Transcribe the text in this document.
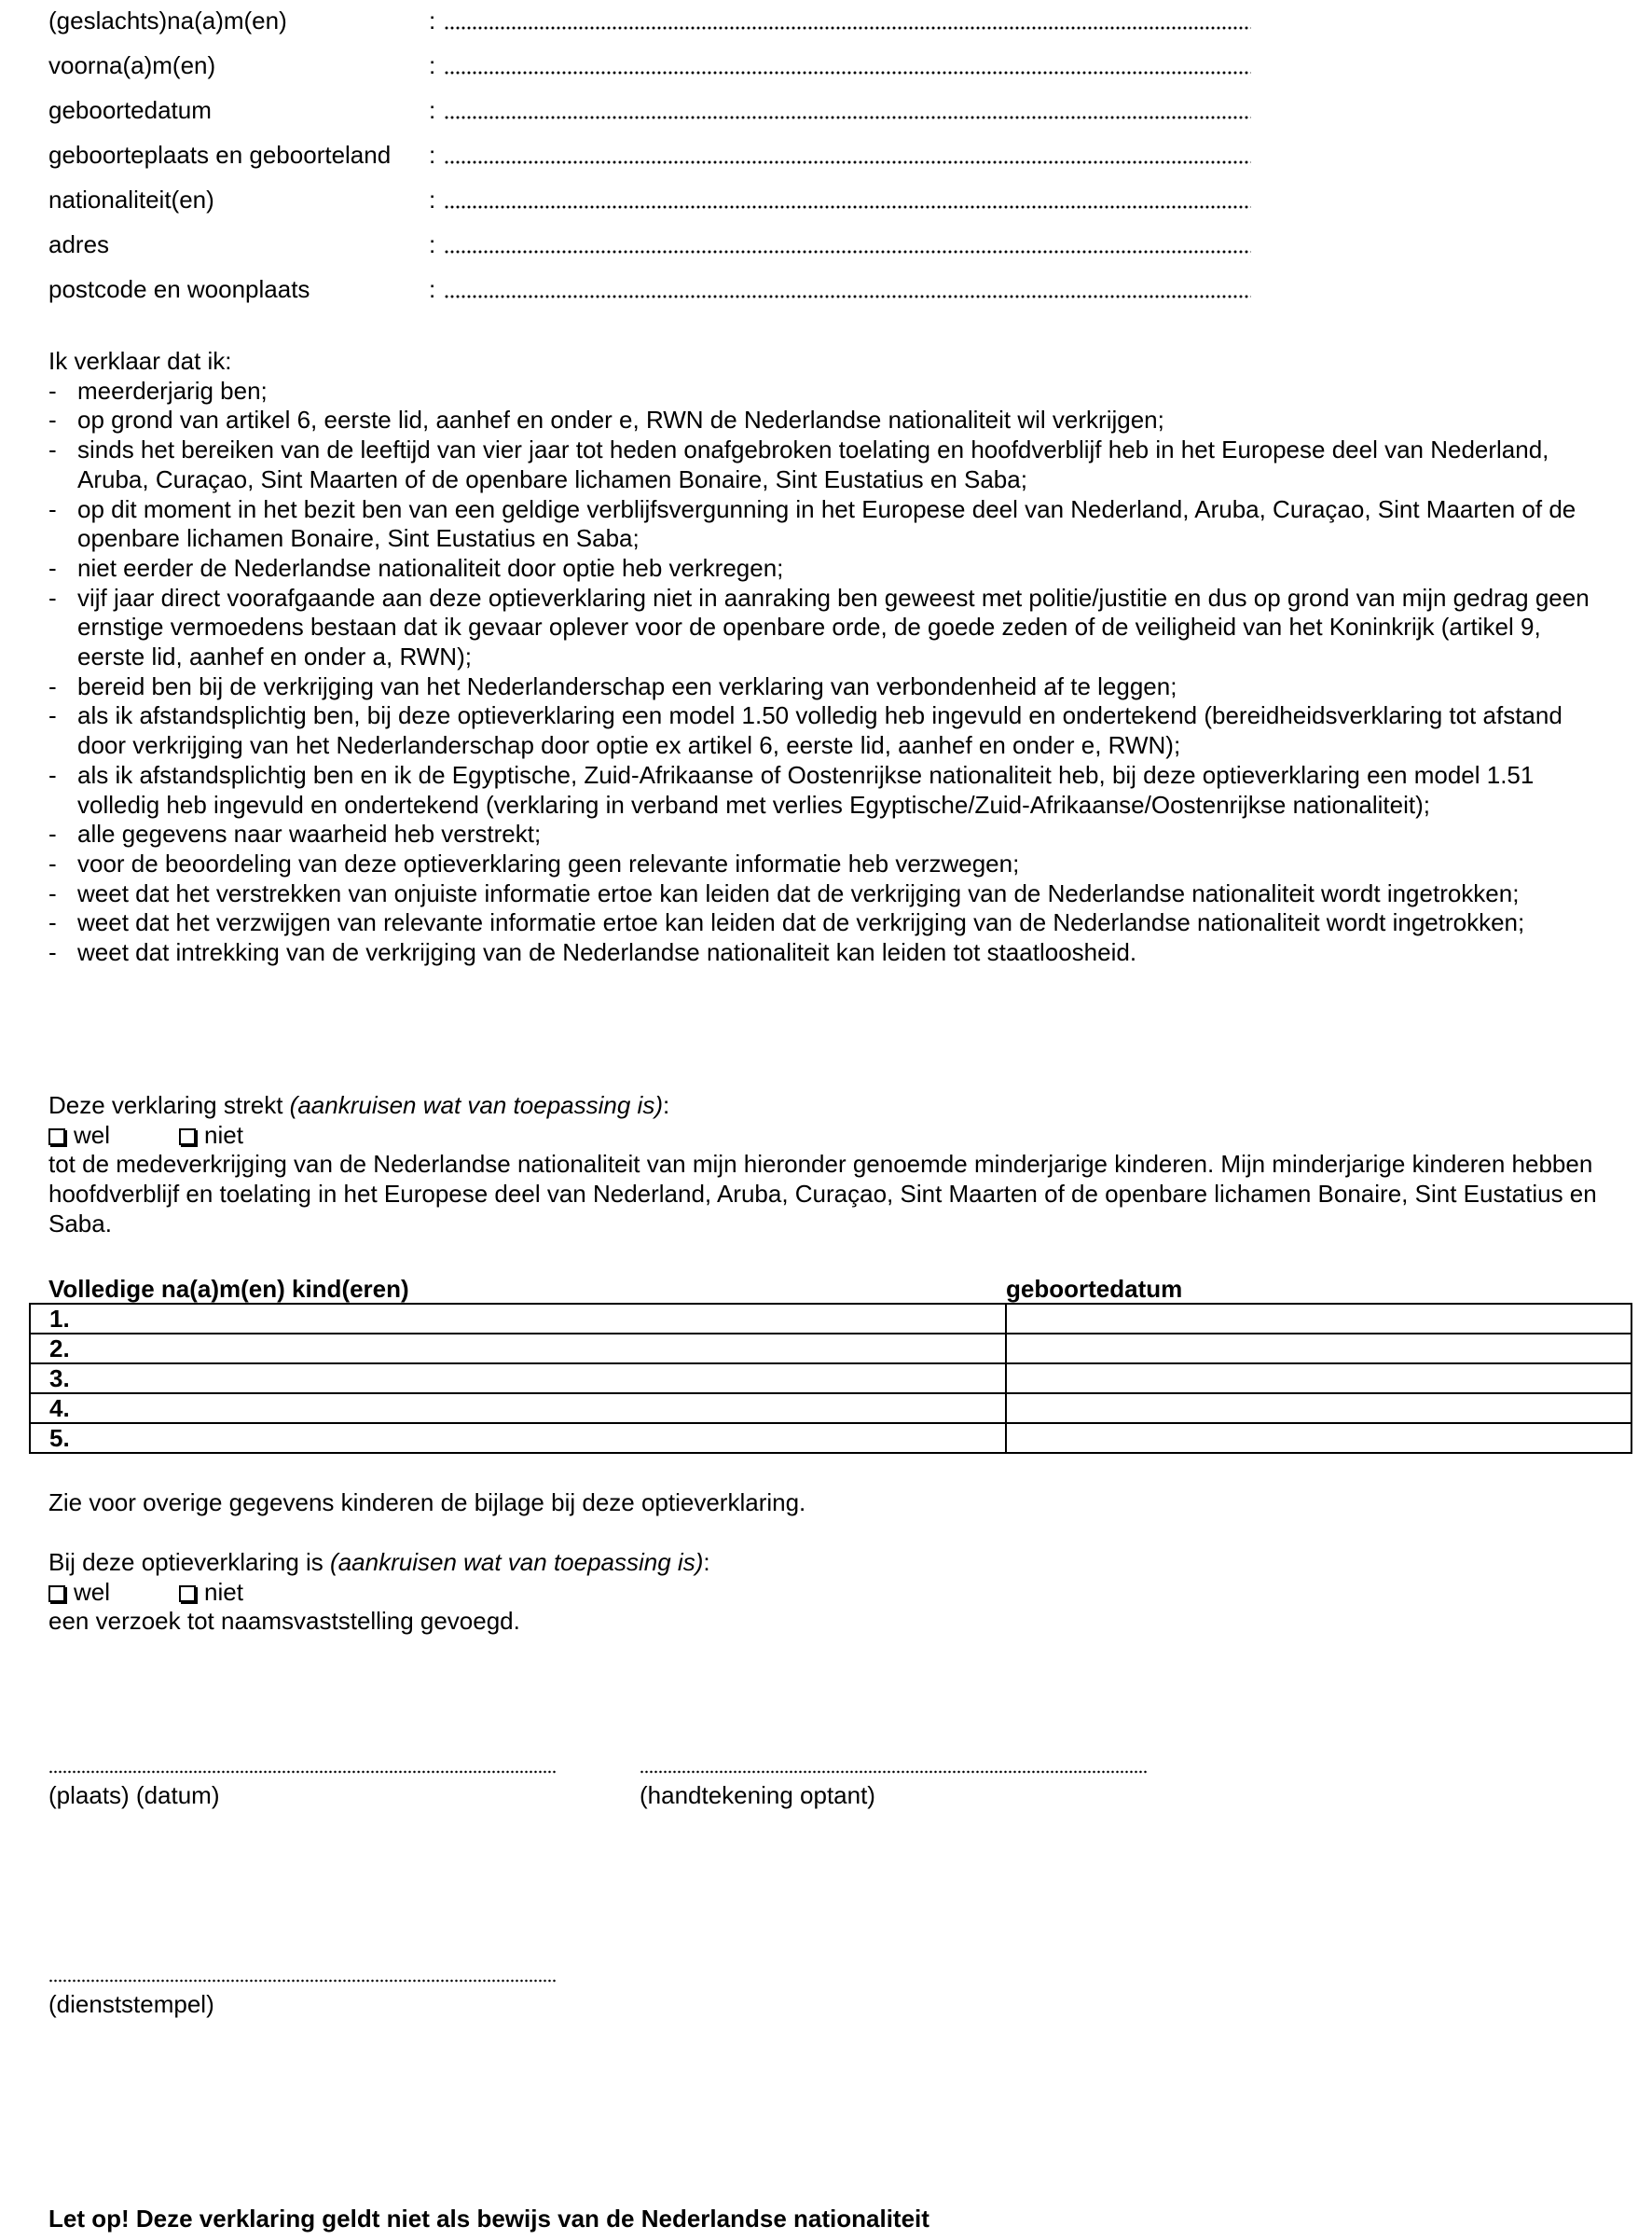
(geslachts)na(a)m(en)	:
voorna(a)m(en)	:
geboortedatum	:
geboorteplaats en geboorteland :
nationaliteit(en)	:
adres	:
postcode en woonplaats	:
Ik verklaar dat ik:
- meerderjarig ben;
- op grond van artikel 6, eerste lid, aanhef en onder e, RWN de Nederlandse nationaliteit wil verkrijgen;
- sinds het bereiken van de leeftijd van vier jaar tot heden onafgebroken toelating en hoofdverblijf heb in het Europese deel van Nederland, Aruba, Curaçao, Sint Maarten of de openbare lichamen Bonaire, Sint Eustatius en Saba;
- op dit moment in het bezit ben van een geldige verblijfsvergunning in het Europese deel van Nederland, Aruba, Curaçao, Sint Maarten of de openbare lichamen Bonaire, Sint Eustatius en Saba;
- niet eerder de Nederlandse nationaliteit door optie heb verkregen;
- vijf jaar direct voorafgaande aan deze optieverklaring niet in aanraking ben geweest met politie/justitie en dus op grond van mijn gedrag geen ernstige vermoedens bestaan dat ik gevaar oplever voor de openbare orde, de goede zeden of de veiligheid van het Koninkrijk (artikel 9, eerste lid, aanhef en onder a, RWN);
- bereid ben bij de verkrijging van het Nederlanderschap een verklaring van verbondenheid af te leggen;
- als ik afstandsplichtig ben, bij deze optieverklaring een model 1.50 volledig heb ingevuld en ondertekend (bereidheidsverklaring tot afstand door verkrijging van het Nederlanderschap door optie ex artikel 6, eerste lid, aanhef en onder e, RWN);
- als ik afstandsplichtig ben en ik de Egyptische, Zuid-Afrikaanse of Oostenrijkse nationaliteit heb, bij deze optieverklaring een model 1.51 volledig heb ingevuld en ondertekend (verklaring in verband met verlies Egyptische/Zuid-Afrikaanse/Oostenrijkse nationaliteit);
- alle gegevens naar waarheid heb verstrekt;
- voor de beoordeling van deze optieverklaring geen relevante informatie heb verzwegen;
- weet dat het verstrekken van onjuiste informatie ertoe kan leiden dat de verkrijging van de Nederlandse nationaliteit wordt ingetrokken;
- weet dat het verzwijgen van relevante informatie ertoe kan leiden dat de verkrijging van de Nederlandse nationaliteit wordt ingetrokken;
- weet dat intrekking van de verkrijging van de Nederlandse nationaliteit kan leiden tot staatloosheid.
Deze verklaring strekt (aankruisen wat van toepassing is):
wel	niet
tot de medeverkrijging van de Nederlandse nationaliteit van mijn hieronder genoemde minderjarige kinderen. Mijn minderjarige kinderen hebben hoofdverblijf en toelating in het Europese deel van Nederland, Aruba, Curaçao, Sint Maarten of de openbare lichamen Bonaire, Sint Eustatius en Saba.
Volledige na(a)m(en) kind(eren)	geboortedatum
1.	
2.	
3.	
4.	
5.	
Zie voor overige gegevens kinderen de bijlage bij deze optieverklaring.
Bij deze optieverklaring is (aankruisen wat van toepassing is):
wel	niet
een verzoek tot naamsvaststelling gevoegd.
(plaats) (datum)	(handtekening optant)
(dienststempel)
Let op! Deze verklaring geldt niet als bewijs van de Nederlandse nationaliteit
